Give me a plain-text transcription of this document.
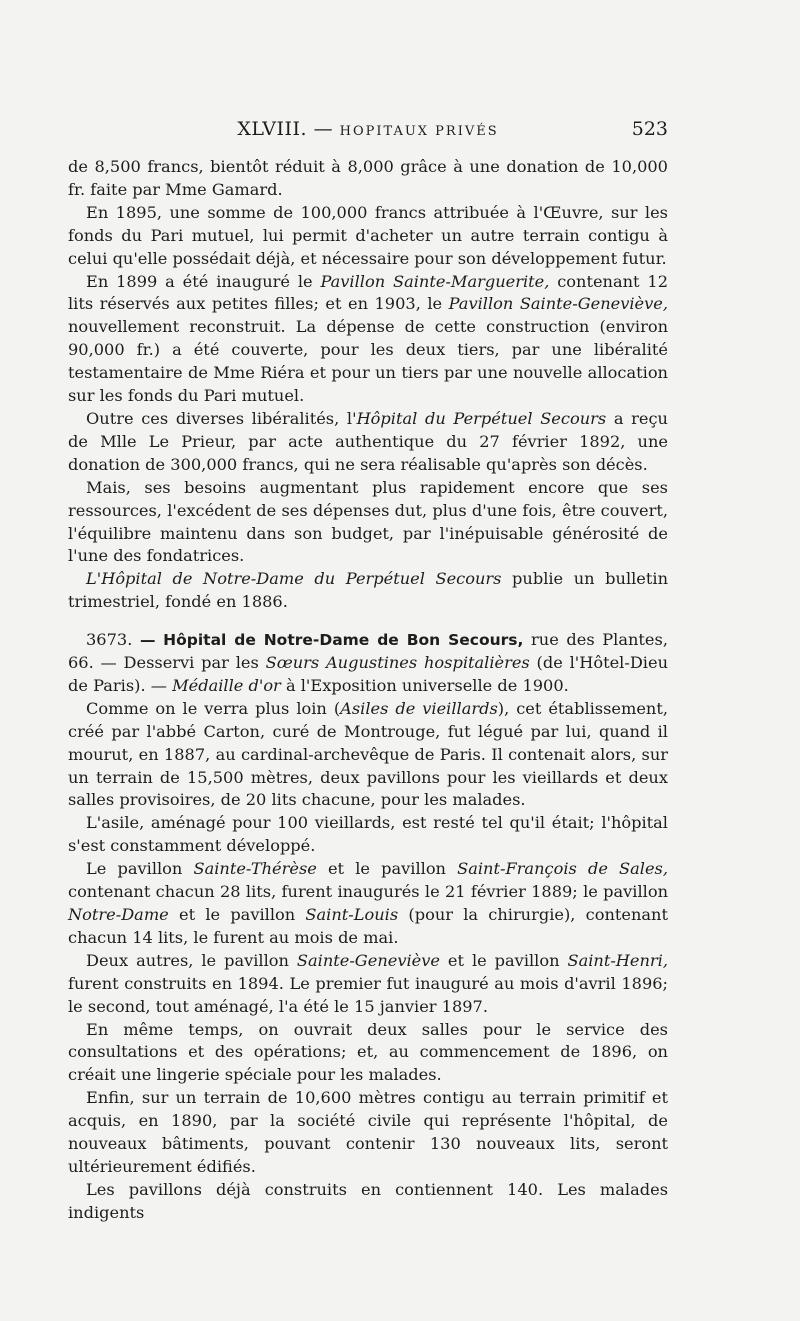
XLVIII. — HOPITAUX PRIVÉS	523

de 8,500 francs, bientôt réduit à 8,000 grâce à une donation de 10,000 fr. faite par Mme Gamard.

En 1895, une somme de 100,000 francs attribuée à l'Œuvre, sur les fonds du Pari mutuel, lui permit d'acheter un autre terrain contigu à celui qu'elle possédait déjà, et nécessaire pour son développement futur.

En 1899 a été inauguré le Pavillon Sainte-Marguerite, contenant 12 lits réservés aux petites filles; et en 1903, le Pavillon Sainte-Geneviève, nouvellement reconstruit. La dépense de cette construction (environ 90,000 fr.) a été couverte, pour les deux tiers, par une libéralité testamentaire de Mme Riéra et pour un tiers par une nouvelle allocation sur les fonds du Pari mutuel.

Outre ces diverses libéralités, l'Hôpital du Perpétuel Secours a reçu de Mlle Le Prieur, par acte authentique du 27 février 1892, une donation de 300,000 francs, qui ne sera réalisable qu'après son décès.

Mais, ses besoins augmentant plus rapidement encore que ses ressources, l'excédent de ses dépenses dut, plus d'une fois, être couvert, l'équilibre maintenu dans son budget, par l'inépuisable générosité de l'une des fondatrices.

L'Hôpital de Notre-Dame du Perpétuel Secours publie un bulletin trimestriel, fondé en 1886.

3673. — Hôpital de Notre-Dame de Bon Secours, rue des Plantes, 66. — Desservi par les Sœurs Augustines hospitalières (de l'Hôtel-Dieu de Paris). — Médaille d'or à l'Exposition universelle de 1900.

Comme on le verra plus loin (Asiles de vieillards), cet établissement, créé par l'abbé Carton, curé de Montrouge, fut légué par lui, quand il mourut, en 1887, au cardinal-archevêque de Paris. Il contenait alors, sur un terrain de 15,500 mètres, deux pavillons pour les vieillards et deux salles provisoires, de 20 lits chacune, pour les malades.

L'asile, aménagé pour 100 vieillards, est resté tel qu'il était; l'hôpital s'est constamment développé.

Le pavillon Sainte-Thérèse et le pavillon Saint-François de Sales, contenant chacun 28 lits, furent inaugurés le 21 février 1889; le pavillon Notre-Dame et le pavillon Saint-Louis (pour la chirurgie), contenant chacun 14 lits, le furent au mois de mai.

Deux autres, le pavillon Sainte-Geneviève et le pavillon Saint-Henri, furent construits en 1894. Le premier fut inauguré au mois d'avril 1896; le second, tout aménagé, l'a été le 15 janvier 1897.

En même temps, on ouvrait deux salles pour le service des consultations et des opérations; et, au commencement de 1896, on créait une lingerie spéciale pour les malades.

Enfin, sur un terrain de 10,600 mètres contigu au terrain primitif et acquis, en 1890, par la société civile qui représente l'hôpital, de nouveaux bâtiments, pouvant contenir 130 nouveaux lits, seront ultérieurement édifiés.

Les pavillons déjà construits en contiennent 140. Les malades indigents
